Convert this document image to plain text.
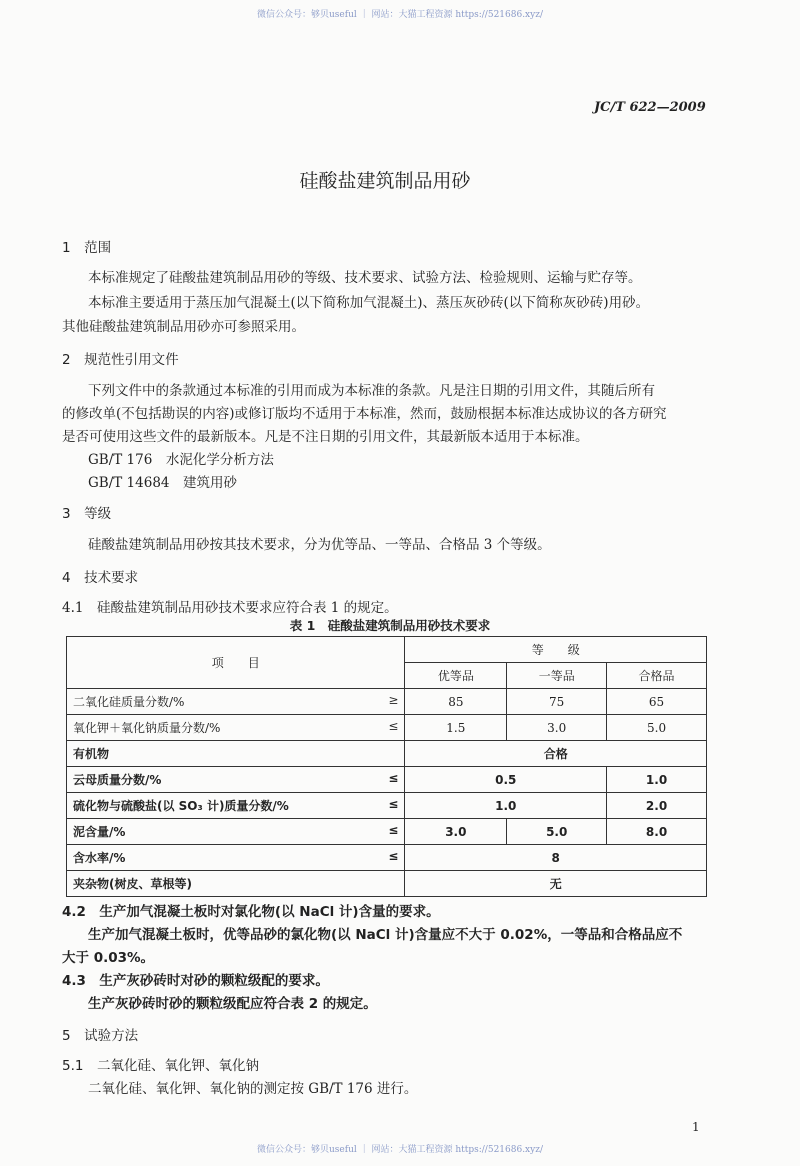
微信公众号：够贝useful ｜ 网站：大猫工程资源 https://521686.xyz/
JC/T 622—2009
硅酸盐建筑制品用砂
1　范围
本标准规定了硅酸盐建筑制品用砂的等级、技术要求、试验方法、检验规则、运输与贮存等。
本标准主要适用于蒸压加气混凝土(以下简称加气混凝土)、蒸压灰砂砖(以下简称灰砂砖)用砂。
其他硅酸盐建筑制品用砂亦可参照采用。
2　规范性引用文件
下列文件中的条款通过本标准的引用而成为本标准的条款。凡是注日期的引用文件，其随后所有
的修改单(不包括勘误的内容)或修订版均不适用于本标准，然而，鼓励根据本标准达成协议的各方研究
是否可使用这些文件的最新版本。凡是不注日期的引用文件，其最新版本适用于本标准。
GB/T 176　水泥化学分析方法
GB/T 14684　建筑用砂
3　等级
硅酸盐建筑制品用砂按其技术要求，分为优等品、一等品、合格品 3 个等级。
4　技术要求
4.1　硅酸盐建筑制品用砂技术要求应符合表 1 的规定。
表 1　硅酸盐建筑制品用砂技术要求
项　　目	等　　级		
	优等品	一等品	合格品
二氧化硅质量分数/% ≥	85	75	65
氧化钾＋氧化钠质量分数/% ≤	1.5	3.0	5.0
有机物	合格		
云母质量分数/% ≤	0.5		1.0
硫化物与硫酸盐(以 SO₃ 计)质量分数/% ≤	1.0		2.0
泥含量/% ≤	3.0	5.0	8.0
含水率/% ≤	8		
夹杂物(树皮、草根等)	无		
4.2　生产加气混凝土板时对氯化物(以 NaCl 计)含量的要求。
生产加气混凝土板时，优等品砂的氯化物(以 NaCl 计)含量应不大于 0.02%，一等品和合格品应不
大于 0.03%。
4.3　生产灰砂砖时对砂的颗粒级配的要求。
生产灰砂砖时砂的颗粒级配应符合表 2 的规定。
5　试验方法
5.1　二氧化硅、氧化钾、氧化钠
二氧化硅、氧化钾、氧化钠的测定按 GB/T 176 进行。
1
微信公众号：够贝useful ｜ 网站：大猫工程资源 https://521686.xyz/
